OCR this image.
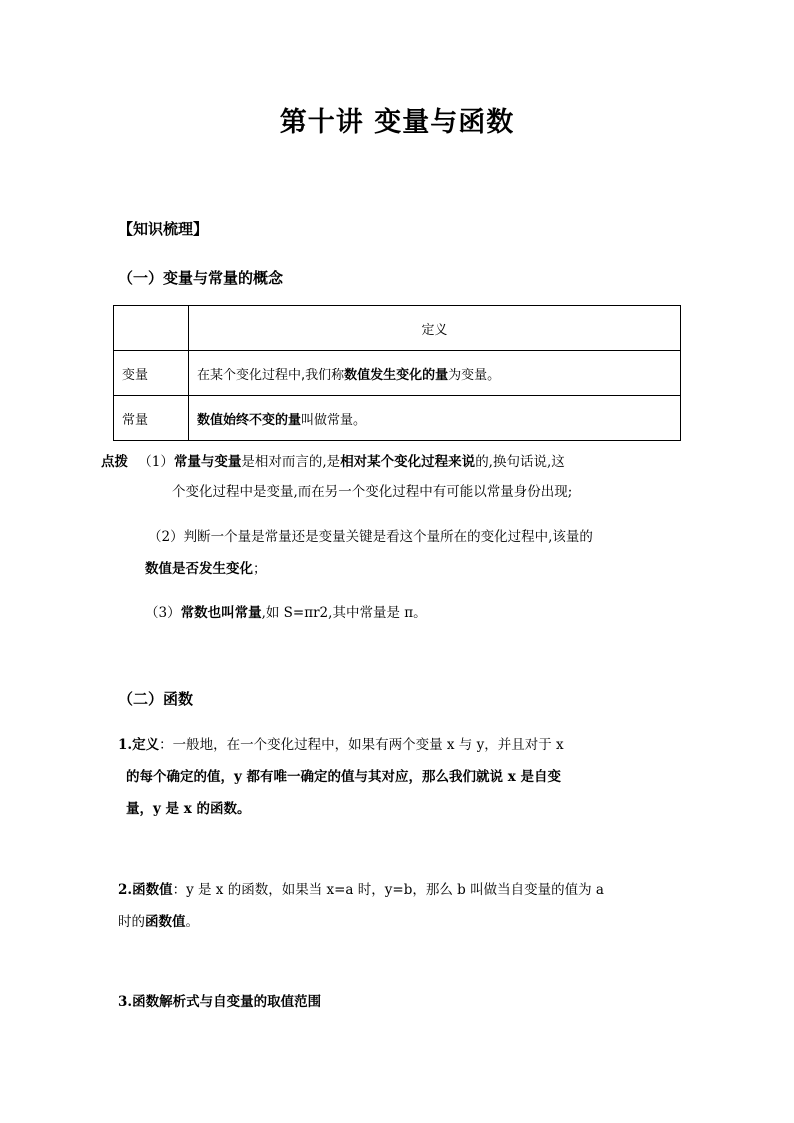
第十讲 变量与函数
【知识梳理】
（一）变量与常量的概念
	定义
变量	在某个变化过程中,我们称数值发生变化的量为变量。
常量	数值始终不变的量叫做常量。
点拨 （1）常量与变量是相对而言的,是相对某个变化过程来说的,换句话说,这
个变化过程中是变量,而在另一个变化过程中有可能以常量身份出现;
（2）判断一个量是常量还是变量关键是看这个量所在的变化过程中,该量的
数值是否发生变化；
（3）常数也叫常量,如 S=πr2,其中常量是 π。
（二）函数
1.定义：一般地，在一个变化过程中，如果有两个变量 x 与 y，并且对于 x
的每个确定的值，y 都有唯一确定的值与其对应，那么我们就说 x 是自变
量，y 是 x 的函数。
2.函数值：y 是 x 的函数，如果当 x=a 时，y=b，那么 b 叫做当自变量的值为 a
时的函数值。
3.函数解析式与自变量的取值范围
